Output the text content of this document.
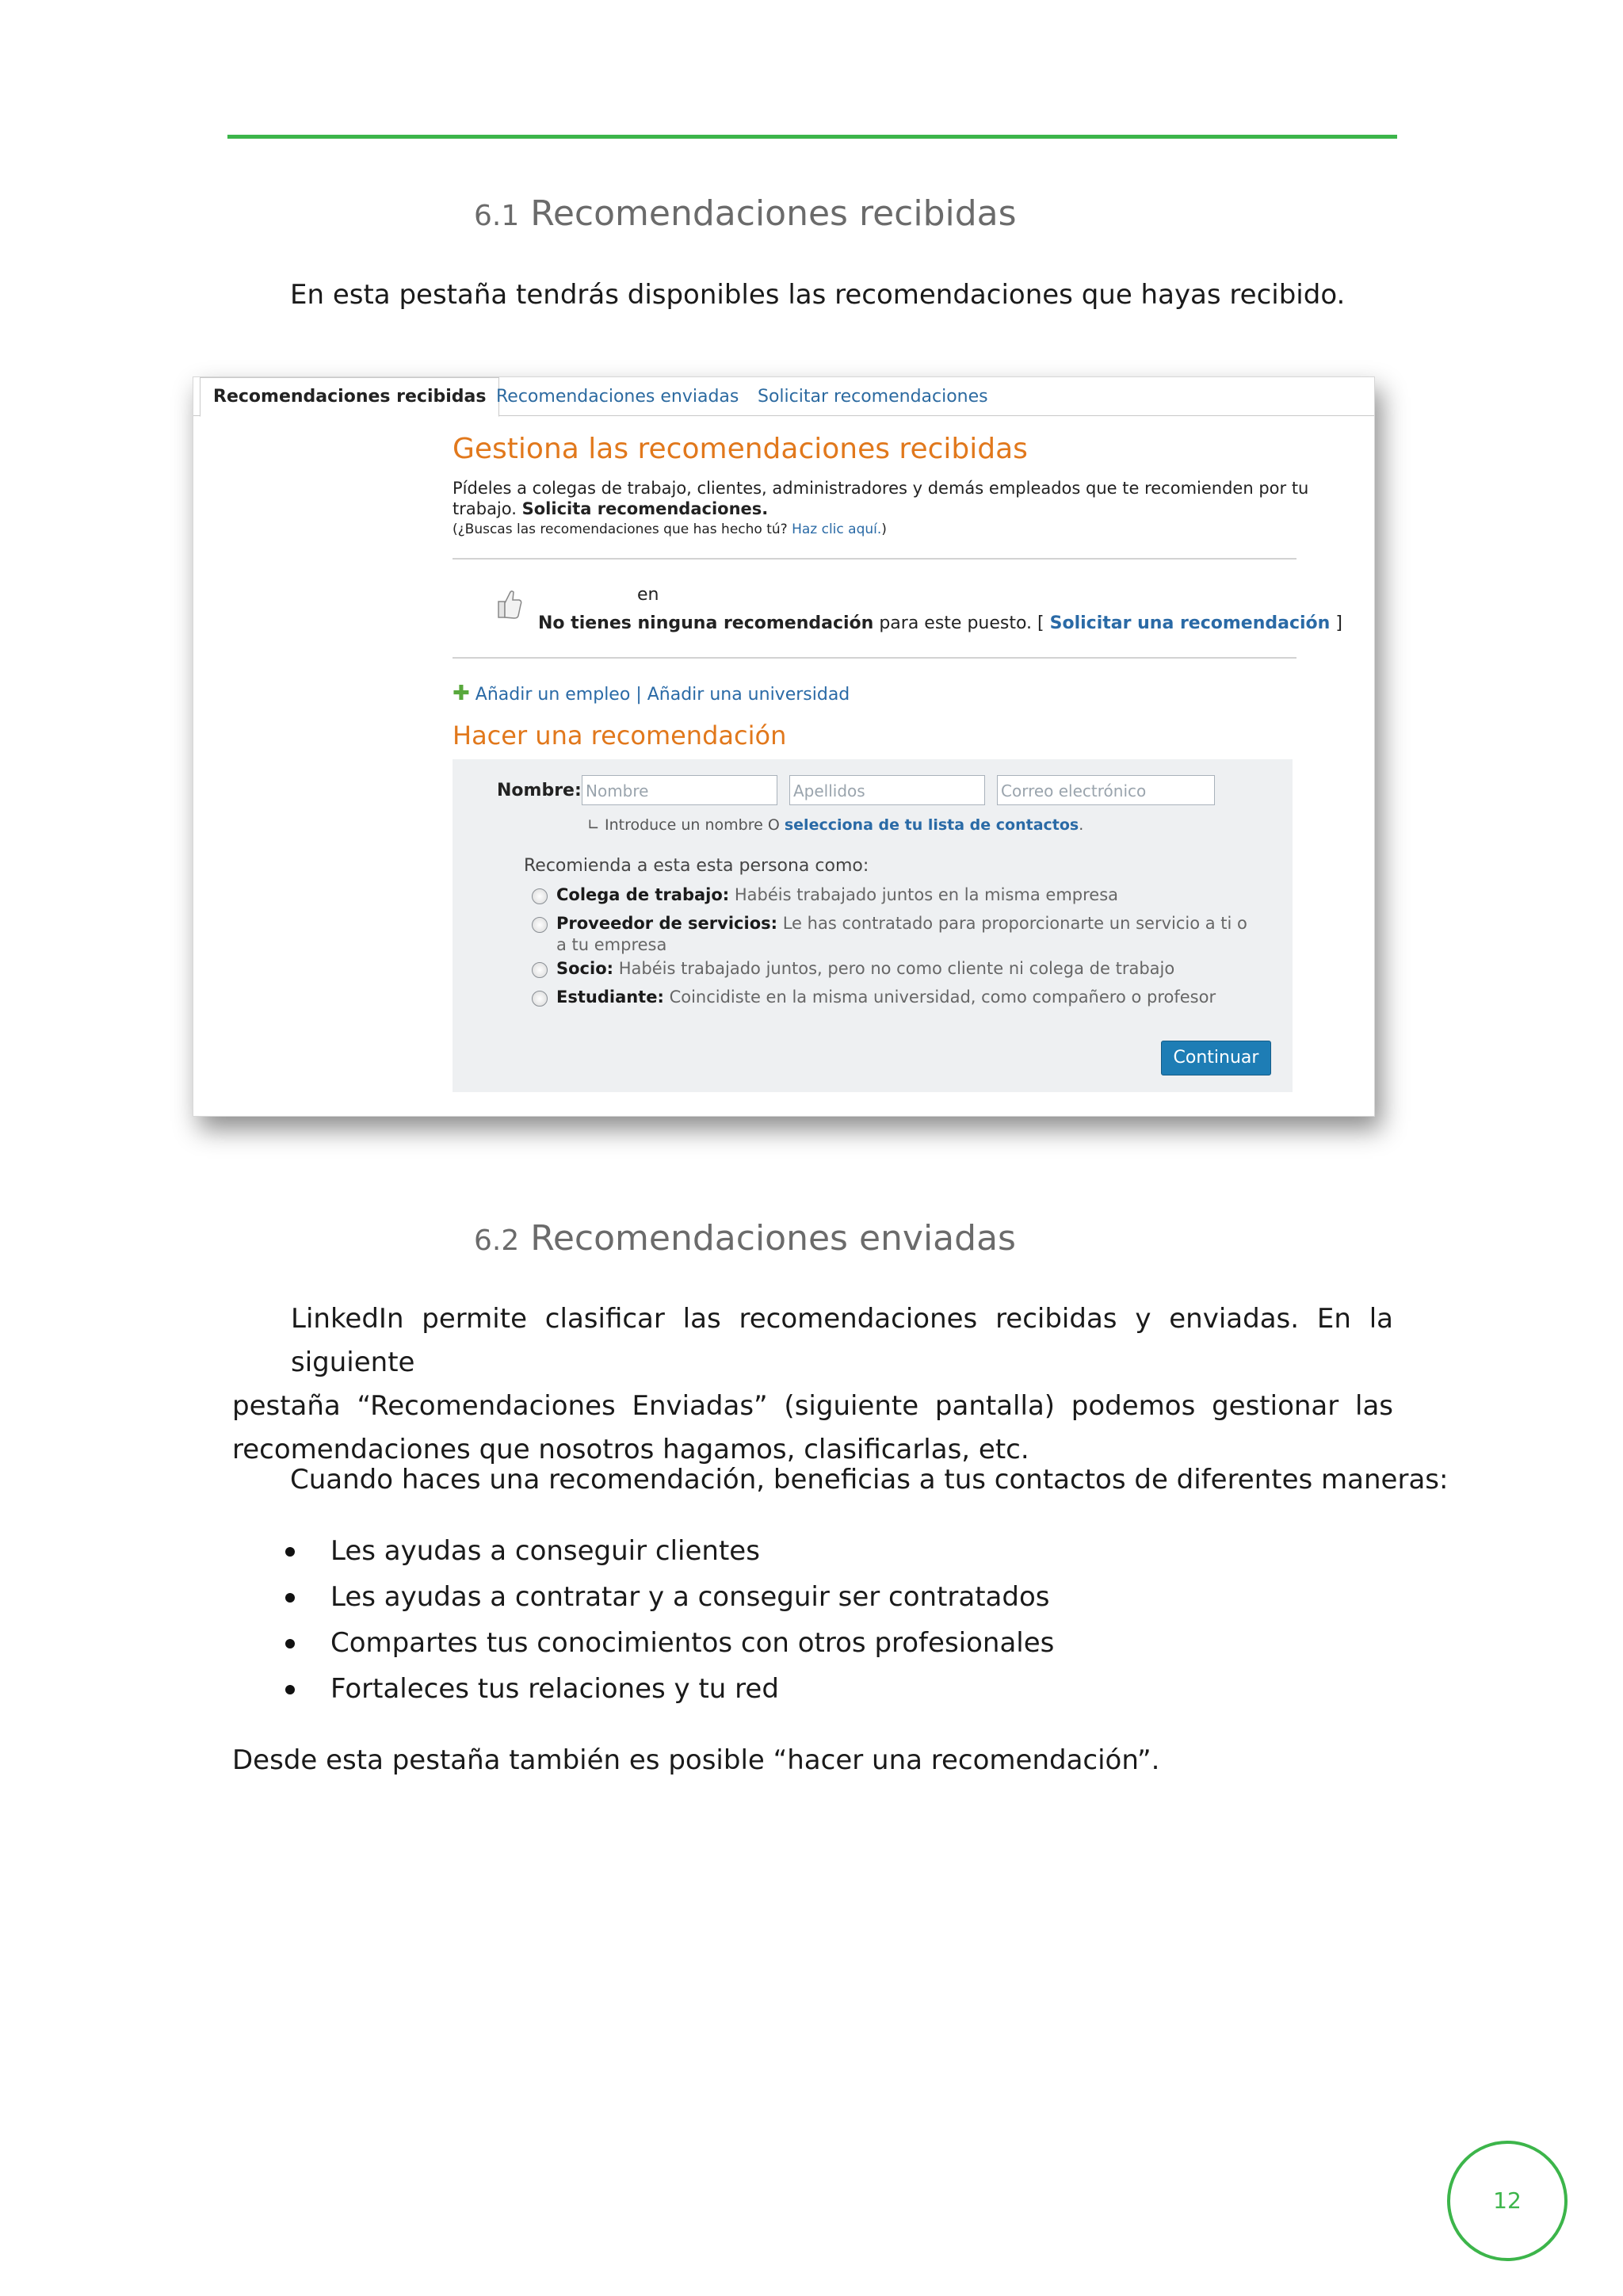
6.1 Recomendaciones recibidas

En esta pestaña tendrás disponibles las recomendaciones que hayas recibido.

Recomendaciones recibidas Recomendaciones enviadas Solicitar recomendaciones
Gestiona las recomendaciones recibidas
Pídeles a colegas de trabajo, clientes, administradores y demás empleados que te recomienden por tu
trabajo. Solicita recomendaciones.
(¿Buscas las recomendaciones que has hecho tú? Haz clic aquí.)
en
No tienes ninguna recomendación para este puesto. [ Solicitar una recomendación ]
✚ Añadir un empleo | Añadir una universidad
Hacer una recomendación
Nombre: Nombre	Apellidos	Correo electrónico
∟ Introduce un nombre O selecciona de tu lista de contactos.
Recomienda a esta esta persona como:
Colega de trabajo: Habéis trabajado juntos en la misma empresa
Proveedor de servicios: Le has contratado para proporcionarte un servicio a ti o
a tu empresa
Socio: Habéis trabajado juntos, pero no como cliente ni colega de trabajo
Estudiante: Coincidiste en la misma universidad, como compañero o profesor
Continuar
6.2 Recomendaciones enviadas
LinkedIn permite clasificar las recomendaciones recibidas y enviadas. En la siguiente
pestaña “Recomendaciones Enviadas” (siguiente pantalla) podemos gestionar las
recomendaciones que nosotros hagamos, clasificarlas, etc.

Cuando haces una recomendación, beneficias a tus contactos de diferentes maneras:

Les ayudas a conseguir clientes
Les ayudas a contratar y a conseguir ser contratados
Compartes tus conocimientos con otros profesionales
Fortaleces tus relaciones y tu red

Desde esta pestaña también es posible “hacer una recomendación”.

12
